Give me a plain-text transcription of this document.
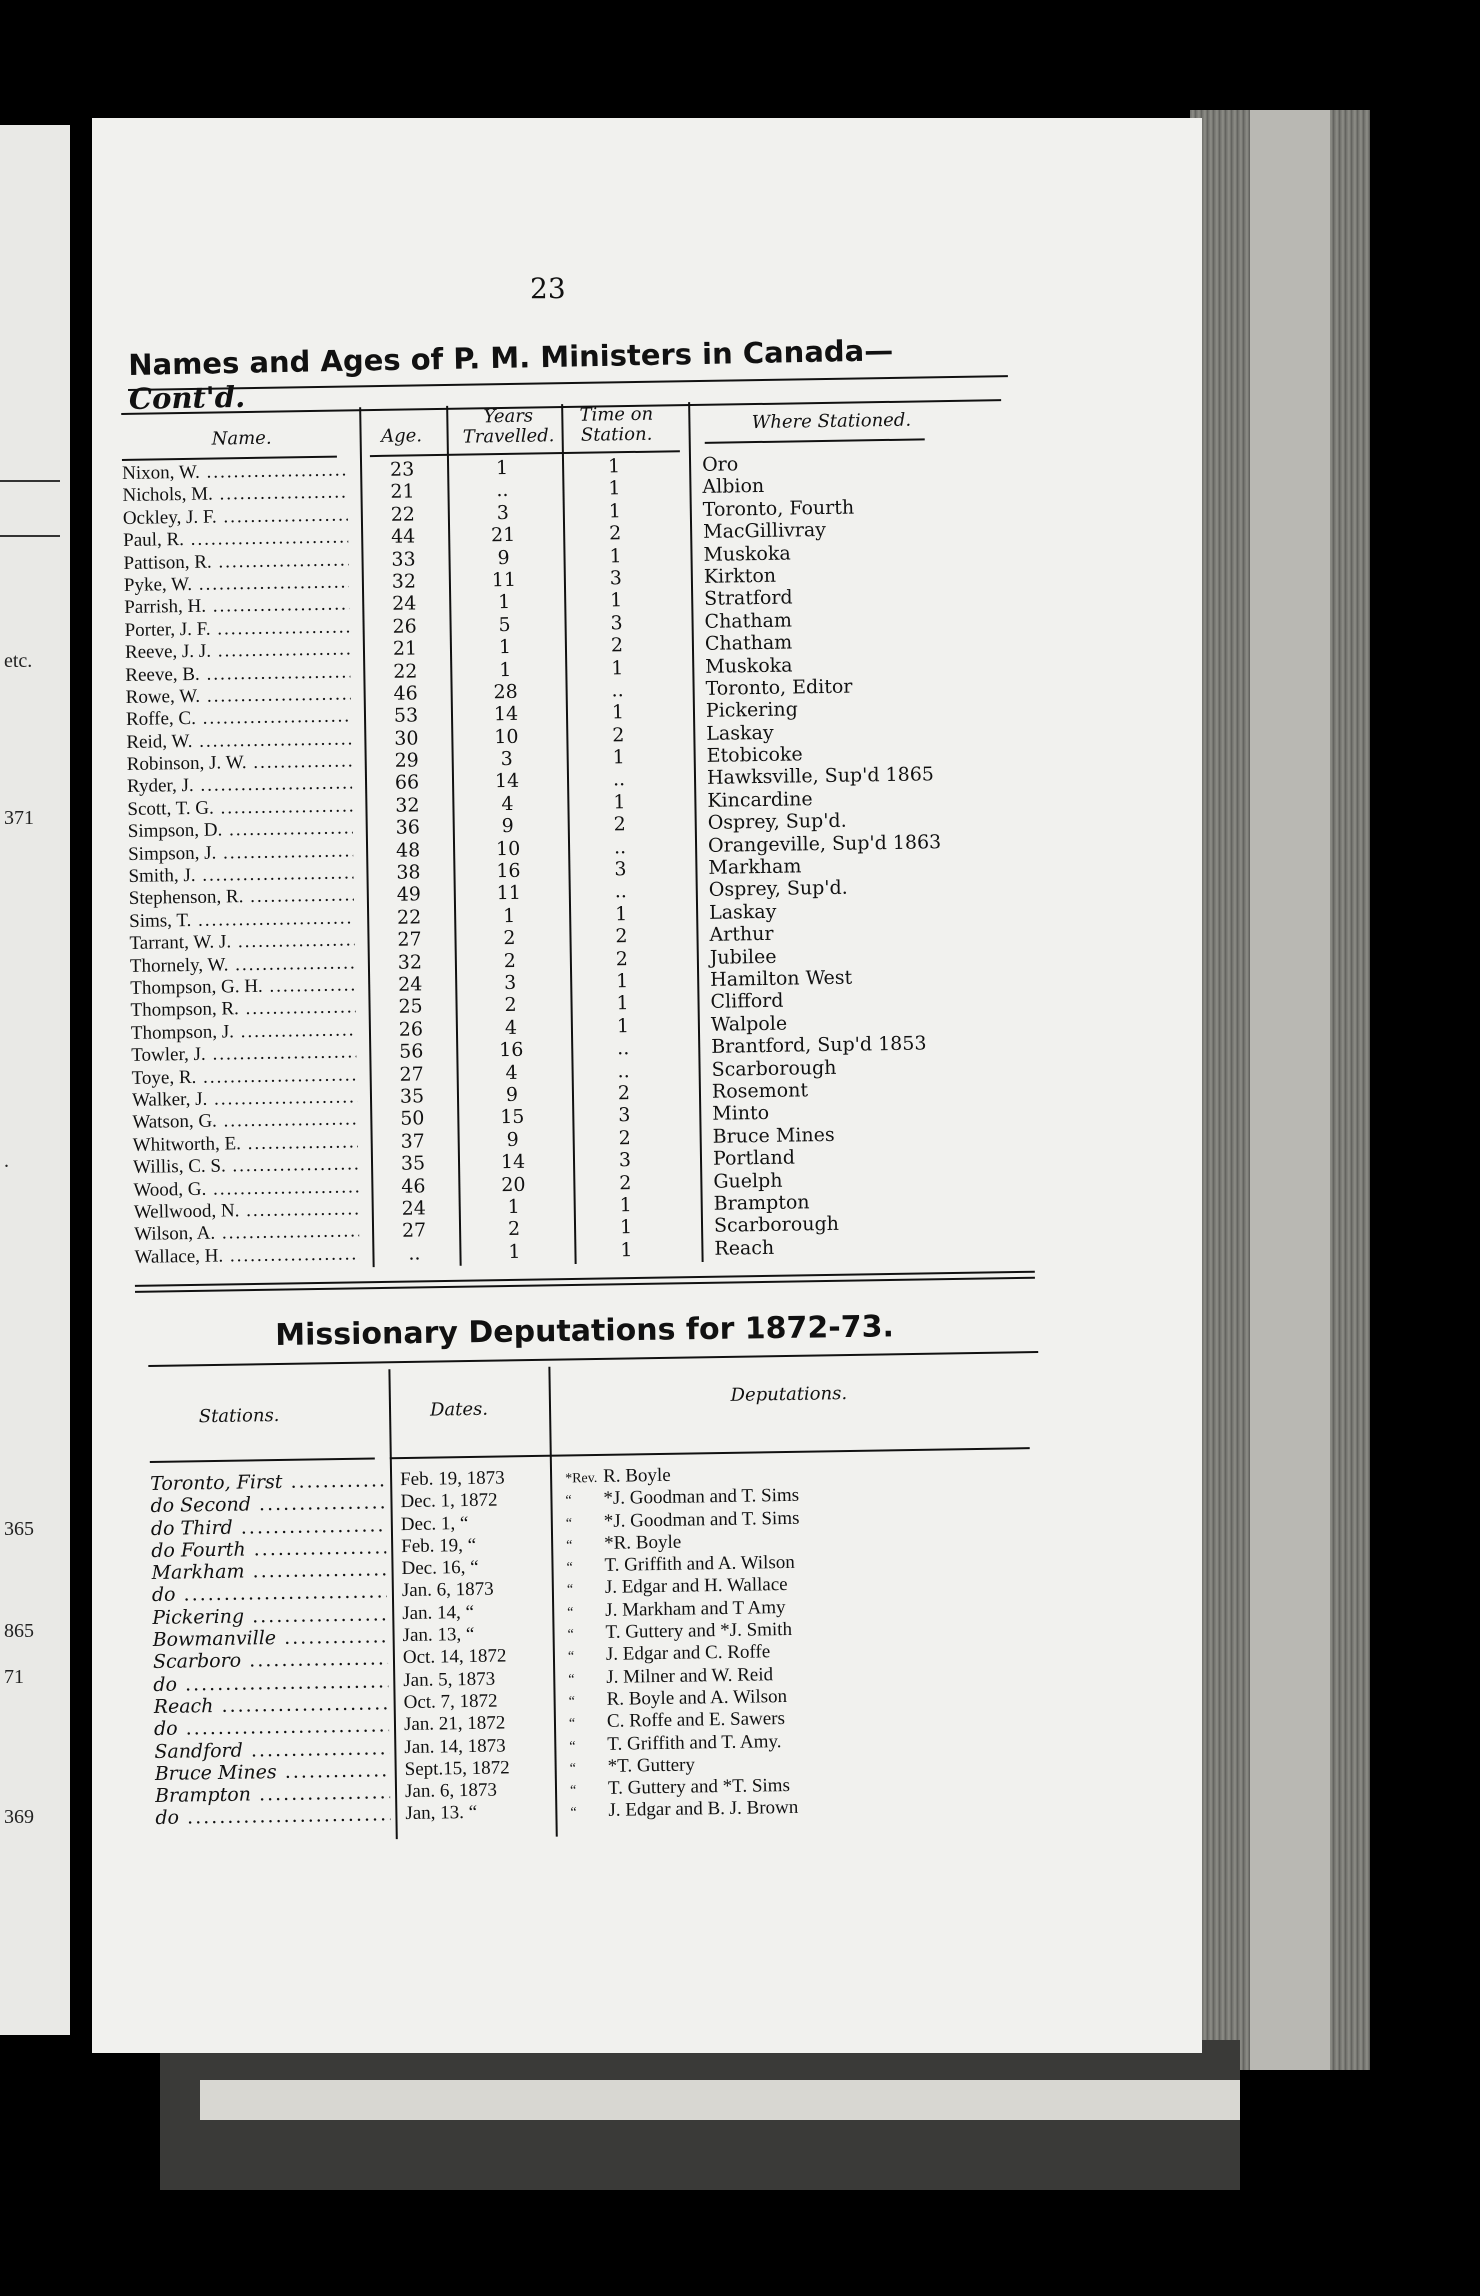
etc.
371
.
365
865
71
369
23
Names and Ages of P. M. Ministers in Canada—Cont'd.
Name.	Age.
Years
Travelled.
Time on
Station.
Where Stationed.
Nixon, W. .....	23	1	1	Oro
Nichols, M. .....	21	..	1	Albion
Ockley, J. F. .....	22	3	1	Toronto, Fourth
Paul, R. .....	44	21	2	MacGillivray
Pattison, R. .....	33	9	1	Muskoka
Pyke, W. .....	32	11	3	Kirkton
Parrish, H. .....	24	1	1	Stratford
Porter, J. F. .....	26	5	3	Chatham
Reeve, J. J. .....	21	1	2	Chatham
Reeve, B. .....	22	1	1	Muskoka
Rowe, W. .....	46	28	..	Toronto, Editor
Roffe, C. .....	53	14	1	Pickering
Reid, W. .....	30	10	2	Laskay
Robinson, J. W. .....	29	3	1	Etobicoke
Ryder, J. .....	66	14	..	Hawksville, Sup'd 1865
Scott, T. G. .....	32	4	1	Kincardine
Simpson, D. .....	36	9	2	Osprey, Sup'd.
Simpson, J. .....	48	10	..	Orangeville, Sup'd 1863
Smith, J. .....	38	16	3	Markham
Stephenson, R. .....	49	11	..	Osprey, Sup'd.
Sims, T. .....	22	1	1	Laskay
Tarrant, W. J. .....	27	2	2	Arthur
Thornely, W. .....	32	2	2	Jubilee
Thompson, G. H. .....	24	3	1	Hamilton West
Thompson, R. .....	25	2	1	Clifford
Thompson, J. .....	26	4	1	Walpole
Towler, J. .....	56	16	..	Brantford, Sup'd 1853
Toye, R. .....	27	4	..	Scarborough
Walker, J. .....	35	9	2	Rosemont
Watson, G. .....	50	15	3	Minto
Whitworth, E. .....	37	9	2	Bruce Mines
Willis, C. S. .....	35	14	3	Portland
Wood, G. .....	46	20	2	Guelph
Wellwood, N. .....	24	1	1	Brampton
Wilson, A. .....	27	2	1	Scarborough
Wallace, H. .....	..	1	1	Reach
Missionary Deputations for 1872-73.
Stations.	Dates.
Deputations.
Toronto, First .....	Feb. 19, 1873	*Rev. R. Boyle
do Second .....	Dec. 1, 1872	“ *J. Goodman and T. Sims
do Third .....	Dec. 1, “	“ *J. Goodman and T. Sims
do Fourth .....	Feb. 19, “	“ *R. Boyle
Markham .....	Dec. 16, “	“ T. Griffith and A. Wilson
do .....	Jan. 6, 1873	“ J. Edgar and H. Wallace
Pickering .....	Jan. 14, “	“ J. Markham and T Amy
Bowmanville .....	Jan. 13, “	“ T. Guttery and *J. Smith
Scarboro .....	Oct. 14, 1872	“ J. Edgar and C. Roffe
do .....	Jan. 5, 1873	“ J. Milner and W. Reid
Reach .....	Oct. 7, 1872	“ R. Boyle and A. Wilson
do .....	Jan. 21, 1872	“ C. Roffe and E. Sawers
Sandford .....	Jan. 14, 1873	“ T. Griffith and T. Amy.
Bruce Mines .....	Sept.15, 1872	“ *T. Guttery
Brampton .....	Jan. 6, 1873	“ T. Guttery and *T. Sims
do .....	Jan, 13. “	“ J. Edgar and B. J. Brown
